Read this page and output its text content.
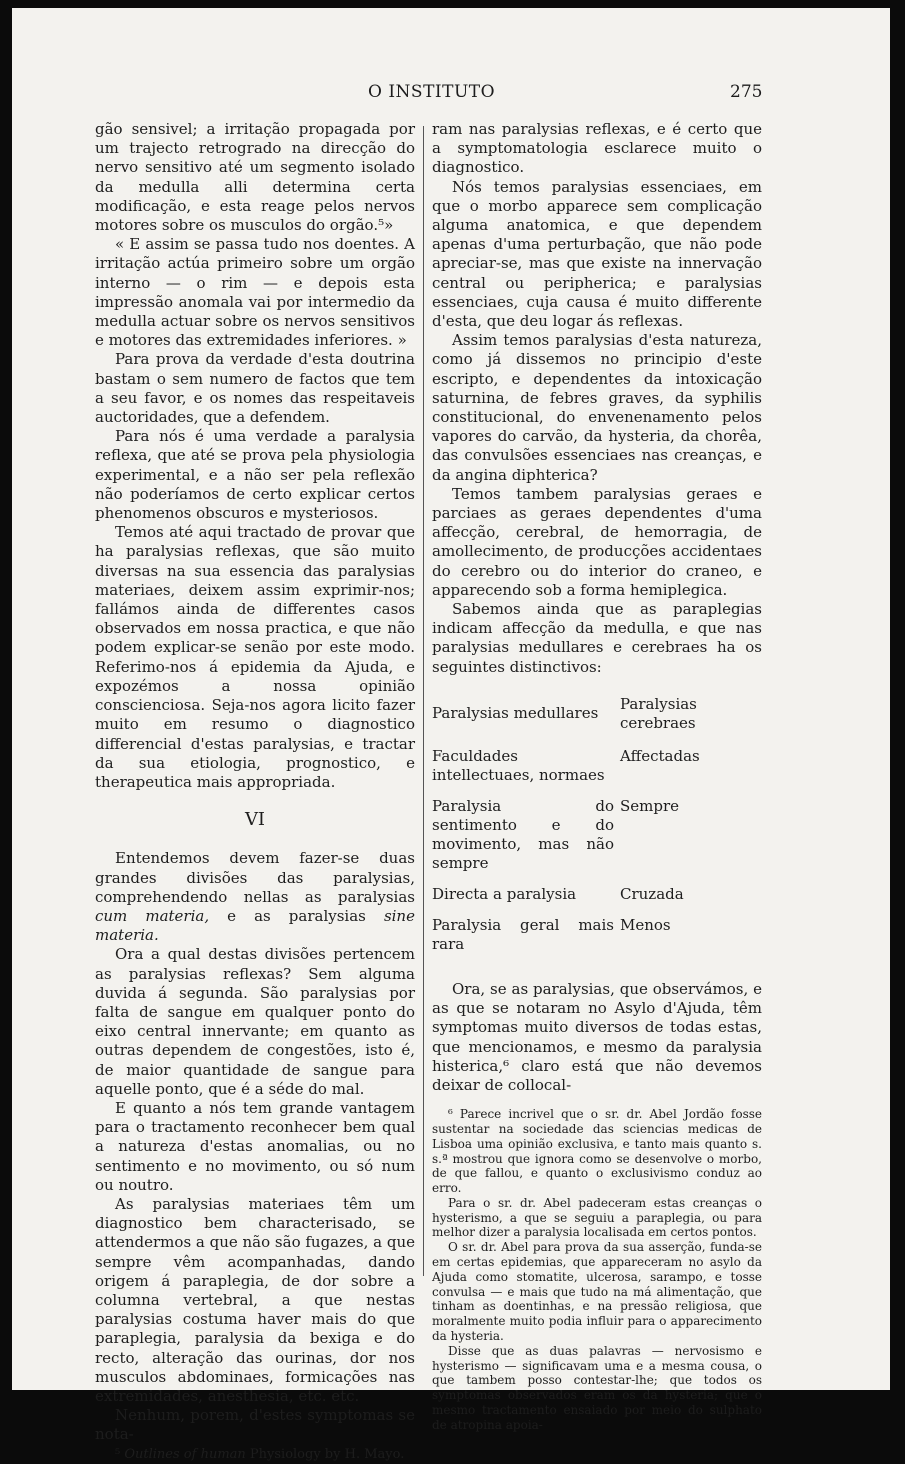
O INSTITUTO	275

gão sensivel; a irritação propagada por um trajecto retrogrado na direcção do nervo sensitivo até um segmento isolado da medulla alli determina certa modificação, e esta reage pelos nervos motores sobre os musculos do orgão.⁵»

« E assim se passa tudo nos doentes. A irritação actúa primeiro sobre um orgão interno — o rim — e depois esta impressão anomala vai por intermedio da medulla actuar sobre os nervos sensitivos e motores das extremidades inferiores. »

Para prova da verdade d'esta doutrina bastam o sem numero de factos que tem a seu favor, e os nomes das respeitaveis auctoridades, que a defendem.

Para nós é uma verdade a paralysia reflexa, que até se prova pela physiologia experimental, e a não ser pela reflexão não poderíamos de certo explicar certos phenomenos obscuros e mysteriosos.

Temos até aqui tractado de provar que ha paralysias reflexas, que são muito diversas na sua essencia das paralysias materiaes, deixem assim exprimir-nos; fallámos ainda de differentes casos observados em nossa practica, e que não podem explicar-se senão por este modo. Referimo-nos á epidemia da Ajuda, e expozémos a nossa opinião conscienciosa. Seja-nos agora licito fazer muito em resumo o diagnostico differencial d'estas paralysias, e tractar da sua etiologia, prognostico, e therapeutica mais appropriada.

VI

Entendemos devem fazer-se duas grandes divisões das paralysias, comprehendendo nellas as paralysias cum materia, e as paralysias sine materia.

Ora a qual destas divisões pertencem as paralysias reflexas? Sem alguma duvida á segunda. São paralysias por falta de sangue em qualquer ponto do eixo central innervante; em quanto as outras dependem de congestões, isto é, de maior quantidade de sangue para aquelle ponto, que é a séde do mal.

E quanto a nós tem grande vantagem para o tractamento reconhecer bem qual a natureza d'estas anomalias, ou no sentimento e no movimento, ou só num ou noutro.

As paralysias materiaes têm um diagnostico bem characterisado, se attendermos a que não são fugazes, a que sempre vêm acompanhadas, dando origem á paraplegia, de dor sobre a columna vertebral, a que nestas paralysias costuma haver mais do que paraplegia, paralysia da bexiga e do recto, alteração das ourinas, dor nos musculos abdominaes, formicações nas extremidades, anesthesia, etc. etc.

Nenhum, porem, d'estes symptomas se nota-

⁵ Outlines of human Physiology by H. Mayo.

ram nas paralysias reflexas, e é certo que a symptomatologia esclarece muito o diagnostico.

Nós temos paralysias essenciaes, em que o morbo apparece sem complicação alguma anatomica, e que dependem apenas d'uma perturbação, que não pode apreciar-se, mas que existe na innervação central ou peripherica; e paralysias essenciaes, cuja causa é muito differente d'esta, que deu logar ás reflexas.

Assim temos paralysias d'esta natureza, como já dissemos no principio d'este escripto, e dependentes da intoxicação saturnina, de febres graves, da syphilis constitucional, do envenenamento pelos vapores do carvão, da hysteria, da chorêa, das convulsões essenciaes nas creanças, e da angina diphterica?

Temos tambem paralysias geraes e parciaes as geraes dependentes d'uma affecção, cerebral, de hemorragia, de amollecimento, de producções accidentaes do cerebro ou do interior do craneo, e apparecendo sob a forma hemiplegica.

Sabemos ainda que as paraplegias indicam affecção da medulla, e que nas paralysias medullares e cerebraes ha os seguintes distinctivos:

Paralysias medullares	Paralysias cerebraes
Faculdades intellectuaes, normaes	Affectadas
Paralysia do sentimento e do movimento, mas não sempre	Sempre
Directa a paralysia	Cruzada
Paralysia geral mais rara	Menos

Ora, se as paralysias, que observámos, e as que se notaram no Asylo d'Ajuda, têm symptomas muito diversos de todas estas, que mencionamos, e mesmo da paralysia histerica,⁶ claro está que não devemos deixar de collocal-

⁶ Parece incrivel que o sr. dr. Abel Jordão fosse sustentar na sociedade das sciencias medicas de Lisboa uma opinião exclusiva, e tanto mais quanto s. s.ª mostrou que ignora como se desenvolve o morbo, de que fallou, e quanto o exclusivismo conduz ao erro.

Para o sr. dr. Abel padeceram estas creanças o hysterismo, a que se seguiu a paraplegia, ou para melhor dizer a paralysia localisada em certos pontos.

O sr. dr. Abel para prova da sua asserção, funda-se em certas epidemias, que appareceram no asylo da Ajuda como stomatite, ulcerosa, sarampo, e tosse convulsa — e mais que tudo na má alimentação, que tinham as doentinhas, e na pressão religiosa, que moralmente muito podia influir para o apparecimento da hysteria.

Disse que as duas palavras — nervosismo e hysterismo — significavam uma e a mesma cousa, o que tambem posso contestar-lhe; que todos os symptomas observados eram os da hysteria; que o mesmo tractamento ensaiado por meio do sulphato de atropina apoia-
